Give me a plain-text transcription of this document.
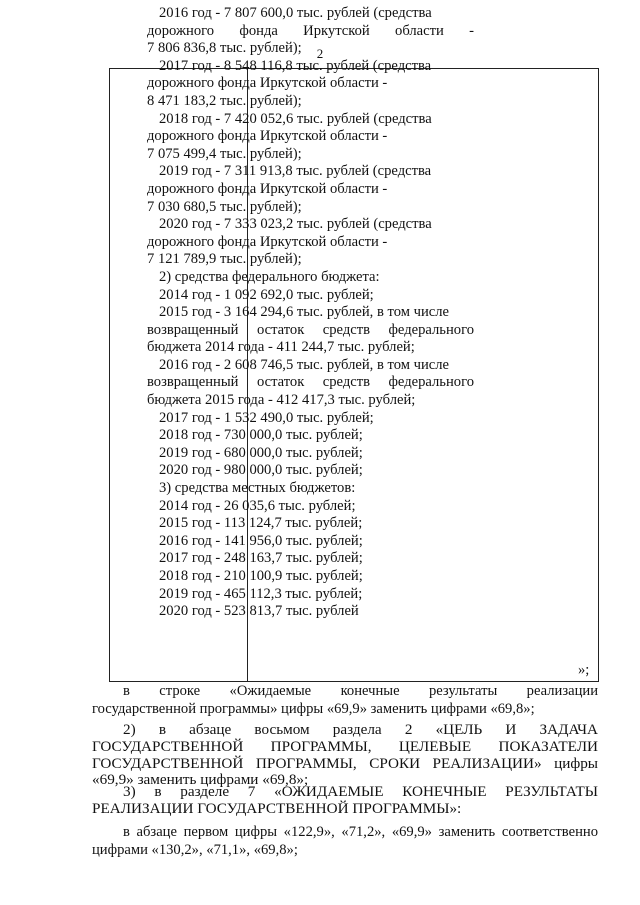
2
2016 год - 7 807 600,0 тыс. рублей (средства
дорожного фонда Иркутской области -
7 806 836,8 тыс. рублей);
2017 год - 8 548 116,8 тыс. рублей (средства
дорожного фонда Иркутской области -
8 471 183,2 тыс. рублей);
2018 год - 7 420 052,6 тыс. рублей (средства
дорожного фонда Иркутской области -
7 075 499,4 тыс. рублей);
2019 год - 7 311 913,8 тыс. рублей (средства
дорожного фонда Иркутской области -
7 030 680,5 тыс. рублей);
2020 год - 7 333 023,2 тыс. рублей (средства
дорожного фонда Иркутской области -
7 121 789,9 тыс. рублей);
2) средства федерального бюджета:
2014 год - 1 092 692,0 тыс. рублей;
2015 год - 3 164 294,6 тыс. рублей, в том числе
возвращенный остаток средств федерального
бюджета 2014 года - 411 244,7 тыс. рублей;
2016 год - 2 608 746,5 тыс. рублей, в том числе
возвращенный остаток средств федерального
бюджета 2015 года - 412 417,3 тыс. рублей;
2017 год - 1 532 490,0 тыс. рублей;
2018 год - 730 000,0 тыс. рублей;
2019 год - 680 000,0 тыс. рублей;
2020 год - 980 000,0 тыс. рублей;
3) средства местных бюджетов:
2014 год - 26 035,6 тыс. рублей;
2015 год - 113 124,7 тыс. рублей;
2016 год - 141 956,0 тыс. рублей;
2017 год - 248 163,7 тыс. рублей;
2018 год - 210 100,9 тыс. рублей;
2019 год - 465 112,3 тыс. рублей;
2020 год - 523 813,7 тыс. рублей
»;
в строке «Ожидаемые конечные результаты реализации
государственной программы» цифры «69,9» заменить цифрами «69,8»;
2) в абзаце восьмом раздела 2 «ЦЕЛЬ И ЗАДАЧА
ГОСУДАРСТВЕННОЙ ПРОГРАММЫ, ЦЕЛЕВЫЕ ПОКАЗАТЕЛИ
ГОСУДАРСТВЕННОЙ ПРОГРАММЫ, СРОКИ РЕАЛИЗАЦИИ» цифры
«69,9» заменить цифрами «69,8»;
3) в разделе 7 «ОЖИДАЕМЫЕ КОНЕЧНЫЕ РЕЗУЛЬТАТЫ
РЕАЛИЗАЦИИ ГОСУДАРСТВЕННОЙ ПРОГРАММЫ»:
в абзаце первом цифры «122,9», «71,2», «69,9» заменить соответственно
цифрами «130,2», «71,1», «69,8»;
